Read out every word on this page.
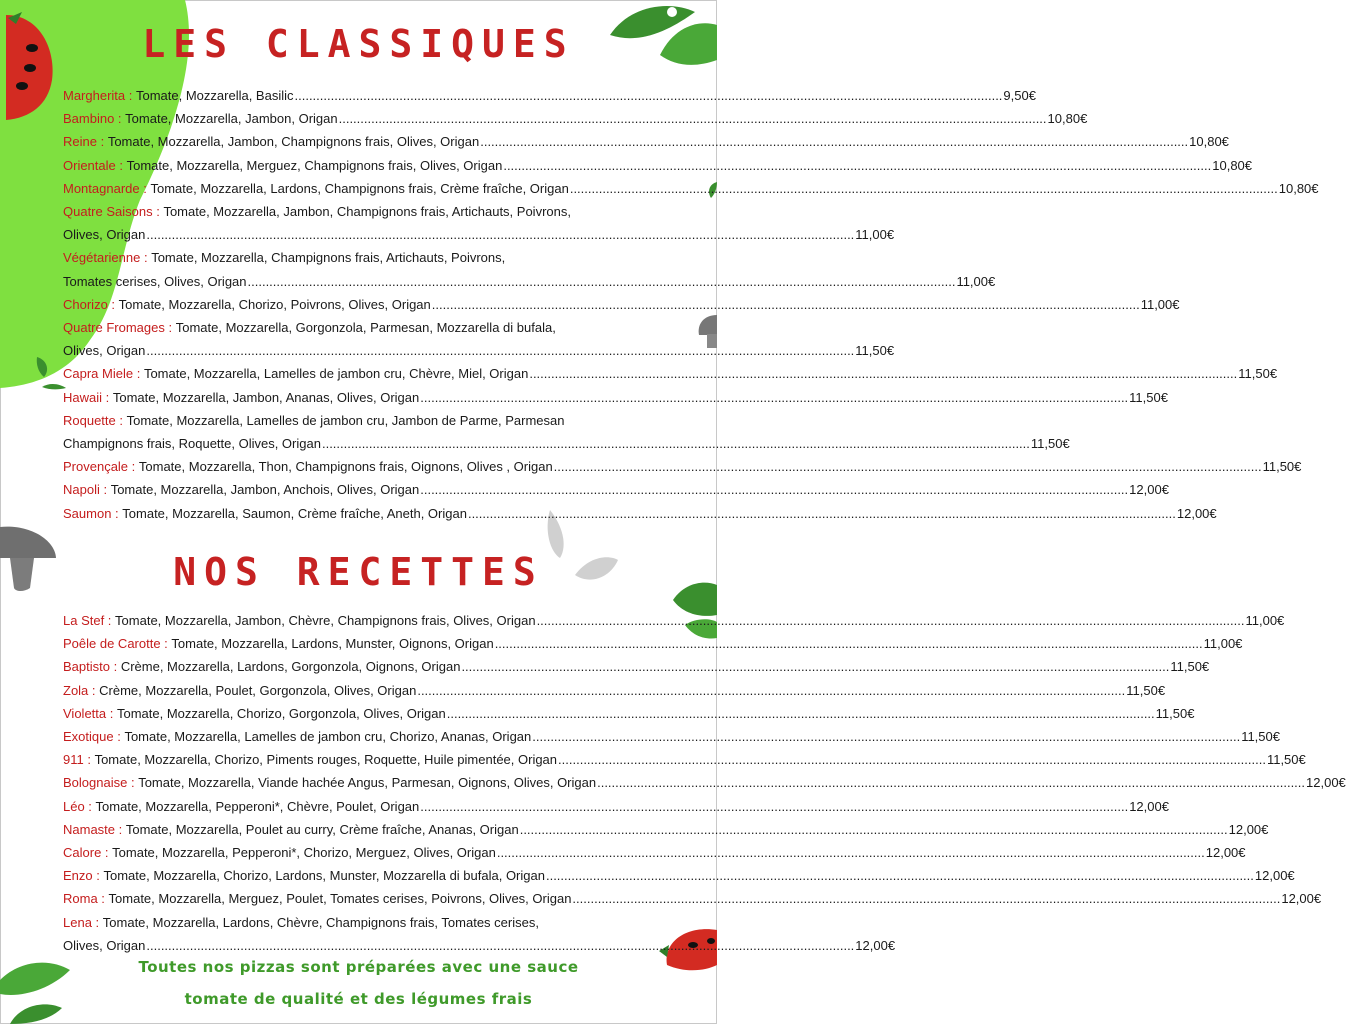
LES CLASSIQUES
Margherita :
Tomate, Mozzarella, Basilic .....	9,50€
Bambino :
Tomate, Mozzarella, Jambon, Origan .....	10,80€
Reine :
Tomate, Mozzarella, Jambon, Champignons frais, Olives, Origan .....	10,80€
Orientale :
Tomate, Mozzarella, Merguez, Champignons frais, Olives, Origan .....	10,80€
Montagnarde :
Tomate, Mozzarella, Lardons, Champignons frais, Crème fraîche, Origan .....	10,80€
Quatre Saisons :
Tomate, Mozzarella, Jambon, Champignons frais, Artichauts, Poivrons,
Olives, Origan .....	11,00€
Végétarienne :
Tomate, Mozzarella, Champignons frais, Artichauts, Poivrons,
Tomates cerises, Olives, Origan .....	11,00€
Chorizo :
Tomate, Mozzarella, Chorizo, Poivrons, Olives, Origan .....	11,00€
Quatre Fromages :
Tomate, Mozzarella, Gorgonzola, Parmesan, Mozzarella di bufala,
Olives, Origan .....	11,50€
Capra Miele :
Tomate, Mozzarella, Lamelles de jambon cru, Chèvre, Miel, Origan .....	11,50€
Hawaii :
Tomate, Mozzarella, Jambon, Ananas, Olives, Origan .....	11,50€
Roquette :
Tomate, Mozzarella, Lamelles de jambon cru, Jambon de Parme, Parmesan
Champignons frais, Roquette, Olives, Origan .....	11,50€
Provençale :
Tomate, Mozzarella, Thon, Champignons frais, Oignons, Olives , Origan .....	11,50€
Napoli :
Tomate, Mozzarella, Jambon, Anchois, Olives, Origan .....	12,00€
Saumon :
Tomate, Mozzarella, Saumon, Crème fraîche, Aneth, Origan .....	12,00€
NOS RECETTES
La Stef :
Tomate, Mozzarella, Jambon, Chèvre, Champignons frais, Olives, Origan .....	11,00€
Poêle de Carotte :
Tomate, Mozzarella, Lardons, Munster, Oignons, Origan .....	11,00€
Baptisto :
Crème, Mozzarella, Lardons, Gorgonzola, Oignons, Origan .....	11,50€
Zola :
Crème, Mozzarella, Poulet, Gorgonzola, Olives, Origan .....	11,50€
Violetta :
Tomate, Mozzarella, Chorizo, Gorgonzola, Olives, Origan .....	11,50€
Exotique :
Tomate, Mozzarella, Lamelles de jambon cru, Chorizo, Ananas, Origan .....	11,50€
911 :
Tomate, Mozzarella, Chorizo, Piments rouges, Roquette, Huile pimentée, Origan .....	11,50€
Bolognaise :
Tomate, Mozzarella, Viande hachée Angus, Parmesan, Oignons, Olives, Origan .....	12,00€
Léo :
Tomate, Mozzarella, Pepperoni*, Chèvre, Poulet, Origan .....	12,00€
Namaste :
Tomate, Mozzarella, Poulet au curry, Crème fraîche, Ananas, Origan .....	12,00€
Calore :
Tomate, Mozzarella, Pepperoni*, Chorizo, Merguez, Olives, Origan .....	12,00€
Enzo :
Tomate, Mozzarella, Chorizo, Lardons, Munster, Mozzarella di bufala, Origan .....	12,00€
Roma :
Tomate, Mozzarella, Merguez, Poulet, Tomates cerises, Poivrons, Olives, Origan .....	12,00€
Lena :
Tomate, Mozzarella, Lardons, Chèvre, Champignons frais, Tomates cerises,
Olives, Origan .....	12,00€
Toutes nos pizzas sont préparées avec une sauce
tomate de qualité et des légumes frais
